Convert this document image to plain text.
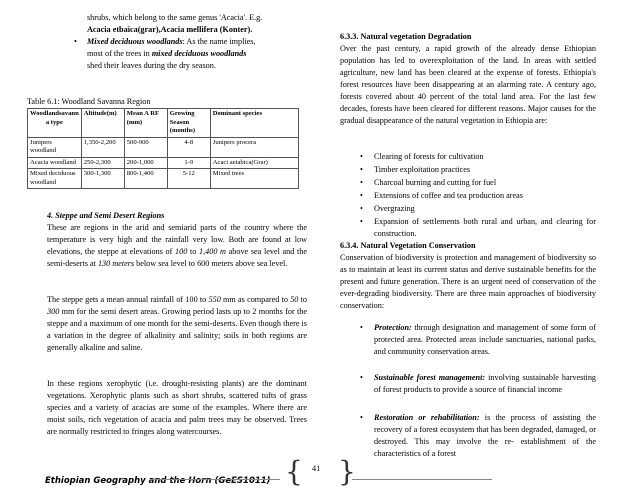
shrubs, which belong to the same genus 'Acacia'. E.g.
Acacia etbaica(grar),Acacia mellifera (Konter).
• Mixed deciduous woodlands: As the name implies,
most of the trees in mixed deciduous woodlands
shed their leaves during the dry season.
Table 6.1: Woodland Savanna Region
Woodlandsavann a type	Altitude(m)	Mean A RF (mm)	Growing Season (months)	Dominant species
Junipers woodland	1,350-2,200	500-900	4-8	Junipers procera
Acacia woodland	250-2,300	200-1,000	1-9	Acaci aetabica(Grar)
Mixed deciduous woodland	300-1,300	800-1,400	5-12	Mixed trees
4. Steppe and Semi Desert Regions
These are regions in the arid and semiarid parts of the country where the temperature is very high and the rainfall very low. Both are found at low elevations, the steppe at elevations of 100 to 1,400 m above sea level and the semi-deserts at 130 meters below sea level to 600 meters above sea level.
The steppe gets a mean annual rainfall of 100 to 550 mm as compared to 50 to 300 mm for the semi desert areas. Growing period lasts up to 2 months for the steppe and a maximum of one month for the semi-deserts. Even though there is a variation in the degree of alkalinity and salinity; soils in both regions are generally alkaline and saline.
In these regions xerophytic (i.e. drought-resisting plants) are the dominant vegetations. Xerophytic plants such as short shrubs, scattered tufts of grass species and a variety of acacias are some of the examples. Where there are moist soils, rich vegetation of acacia and palm trees may be observed. Trees are normally restricted to fringes along watercourses.
6.3.3. Natural vegetation Degradation
Over the past century, a rapid growth of the already dense Ethiopian population has led to overexploitation of the land. In areas with settled agriculture, new land has been cleared at the expense of forests. Ethiopia's forest resources have been disappearing at an alarming rate. A century ago, forests covered about 40 percent of the total land area. For the last few decades, forests have been cleared for different reasons. Major causes for the gradual disappearance of the natural vegetation in Ethiopia are:
• Clearing of forests for cultivation
• Timber exploitation practices
• Charcoal burning and cutting for fuel
• Extensions of coffee and tea production areas
• Overgrazing
• Expansion of settlements both rural and urban, and clearing for construction.
6.3.4. Natural Vegetation Conservation
Conservation of biodiversity is protection and management of biodiversity so as to maintain at least its current status and derive sustainable benefits for the present and future generation. There is an urgent need of conservation of the ever-degrading biodiversity. There are three main approaches of biodiversity conservation:
• Protection: through designation and management of some form of protected area. Protected areas include sanctuaries, national parks, and community conservation areas.
• Sustainable forest management: involving sustainable harvesting of forest products to provide a source of financial income
• Restoration or rehabilitation: is the process of assisting the recovery of a forest ecosystem that has been degraded, damaged, or destroyed. This may involve the re- establishment of the characteristics of a forest
Ethiopian Geography and the Horn (GeES1011) { 41 }
